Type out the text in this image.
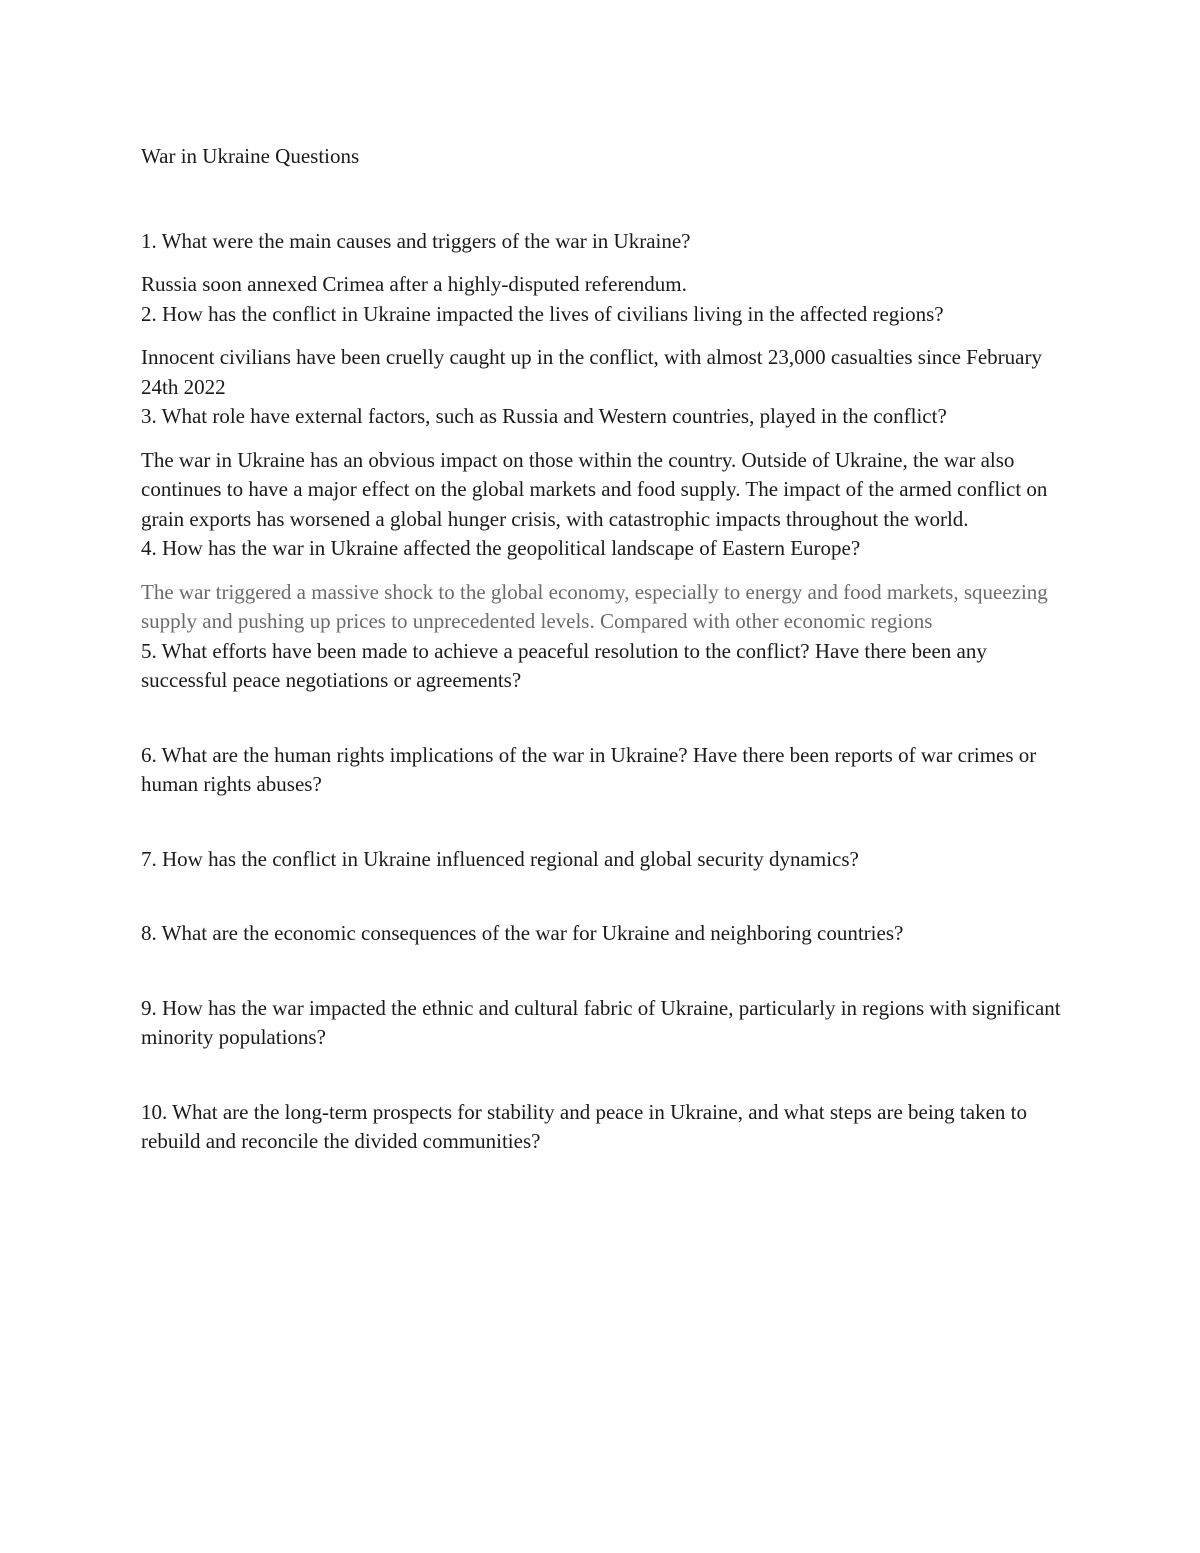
War in Ukraine Questions

1. What were the main causes and triggers of the war in Ukraine?

Russia soon annexed Crimea after a highly-disputed referendum.

2. How has the conflict in Ukraine impacted the lives of civilians living in the affected regions?

Innocent civilians have been cruelly caught up in the conflict, with almost 23,000 casualties since February 24th 2022

3. What role have external factors, such as Russia and Western countries, played in the conflict?

The war in Ukraine has an obvious impact on those within the country. Outside of Ukraine, the war also continues to have a major effect on the global markets and food supply. The impact of the armed conflict on grain exports has worsened a global hunger crisis, with catastrophic impacts throughout the world.

4. How has the war in Ukraine affected the geopolitical landscape of Eastern Europe?

The war triggered a massive shock to the global economy, especially to energy and food markets, squeezing supply and pushing up prices to unprecedented levels. Compared with other economic regions

5. What efforts have been made to achieve a peaceful resolution to the conflict? Have there been any successful peace negotiations or agreements?

6. What are the human rights implications of the war in Ukraine? Have there been reports of war crimes or human rights abuses?

7. How has the conflict in Ukraine influenced regional and global security dynamics?

8. What are the economic consequences of the war for Ukraine and neighboring countries?

9. How has the war impacted the ethnic and cultural fabric of Ukraine, particularly in regions with significant minority populations?

10. What are the long-term prospects for stability and peace in Ukraine, and what steps are being taken to rebuild and reconcile the divided communities?
